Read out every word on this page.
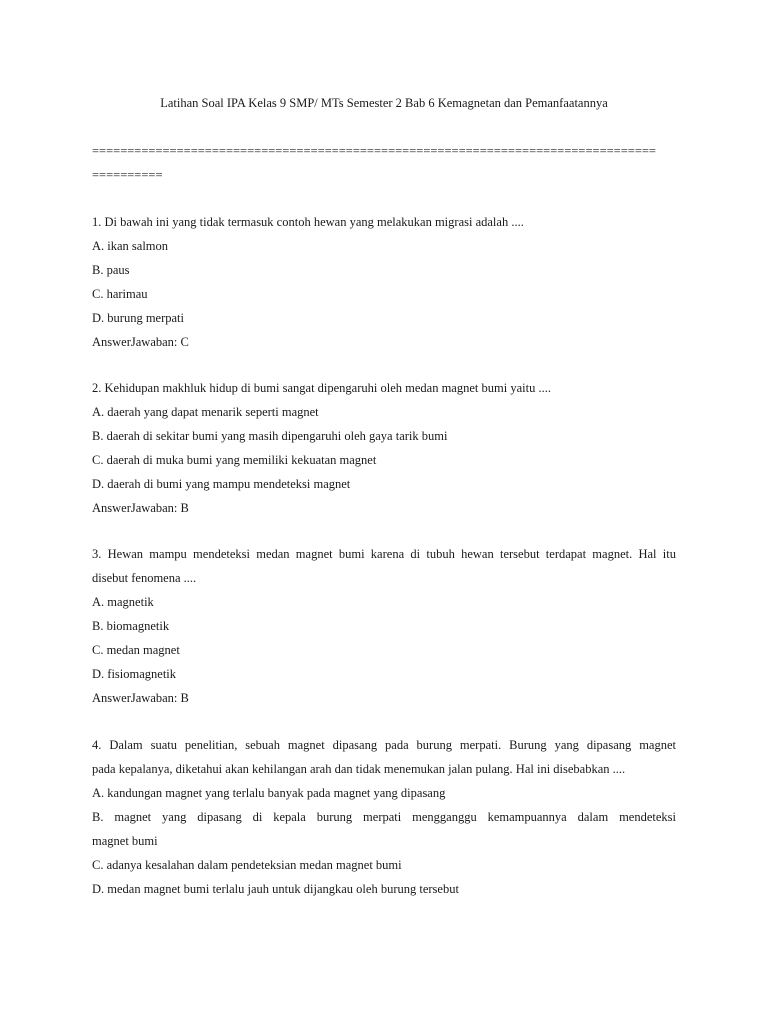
Latihan Soal IPA Kelas 9 SMP/ MTs Semester 2 Bab 6 Kemagnetan dan Pemanfaatannya
================================================================================
==========
1. Di bawah ini yang tidak termasuk contoh hewan yang melakukan migrasi adalah ....
A. ikan salmon
B. paus
C. harimau
D. burung merpati
AnswerJawaban: C
2. Kehidupan makhluk hidup di bumi sangat dipengaruhi oleh medan magnet bumi yaitu ....
A. daerah yang dapat menarik seperti magnet
B. daerah di sekitar bumi yang masih dipengaruhi oleh gaya tarik bumi
C. daerah di muka bumi yang memiliki kekuatan magnet
D. daerah di bumi yang mampu mendeteksi magnet
AnswerJawaban: B
3. Hewan mampu mendeteksi medan magnet bumi karena di tubuh hewan tersebut terdapat magnet. Hal itu
disebut fenomena ....
A. magnetik
B. biomagnetik
C. medan magnet
D. fisiomagnetik
AnswerJawaban: B
4. Dalam suatu penelitian, sebuah magnet dipasang pada burung merpati. Burung yang dipasang magnet
pada kepalanya, diketahui akan kehilangan arah dan tidak menemukan jalan pulang. Hal ini disebabkan ....
A. kandungan magnet yang terlalu banyak pada magnet yang dipasang
B. magnet yang dipasang di kepala burung merpati mengganggu kemampuannya dalam mendeteksi
magnet bumi
C. adanya kesalahan dalam pendeteksian medan magnet bumi
D. medan magnet bumi terlalu jauh untuk dijangkau oleh burung tersebut
